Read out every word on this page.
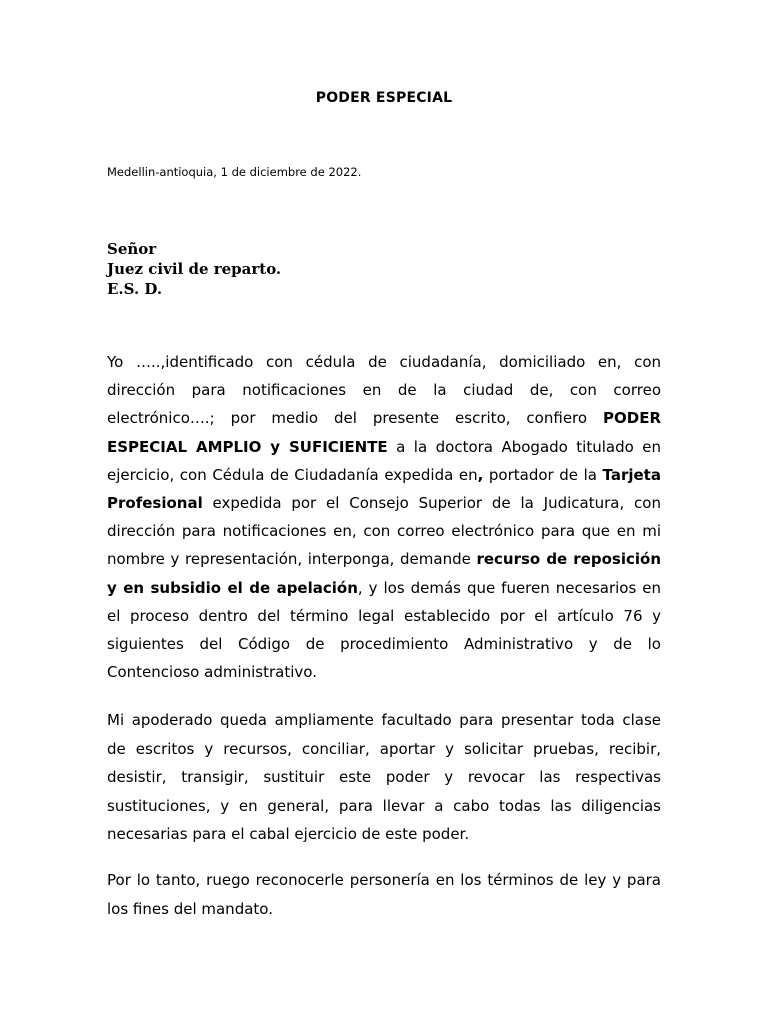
PODER ESPECIAL
Medellin-antioquia, 1 de diciembre de 2022.
Señor
Juez civil de reparto.
E.S. D.

Yo …..,identificado con cédula de ciudadanía, domiciliado en, con dirección para notificaciones en de la ciudad de, con correo electrónico….; por medio del presente escrito, confiero PODER ESPECIAL AMPLIO y SUFICIENTE a la doctora Abogado titulado en ejercicio, con Cédula de Ciudadanía expedida en, portador de la Tarjeta Profesional expedida por el Consejo Superior de la Judicatura, con dirección para notificaciones en, con correo electrónico para que en mi nombre y representación, interponga, demande recurso de reposición y en subsidio el de apelación, y los demás que fueren necesarios en el proceso dentro del término legal establecido por el artículo 76 y siguientes del Código de procedimiento Administrativo y de lo Contencioso administrativo.

Mi apoderado queda ampliamente facultado para presentar toda clase de escritos y recursos, conciliar, aportar y solicitar pruebas, recibir, desistir, transigir, sustituir este poder y revocar las respectivas sustituciones, y en general, para llevar a cabo todas las diligencias necesarias para el cabal ejercicio de este poder.

Por lo tanto, ruego reconocerle personería en los términos de ley y para los fines del mandato.
